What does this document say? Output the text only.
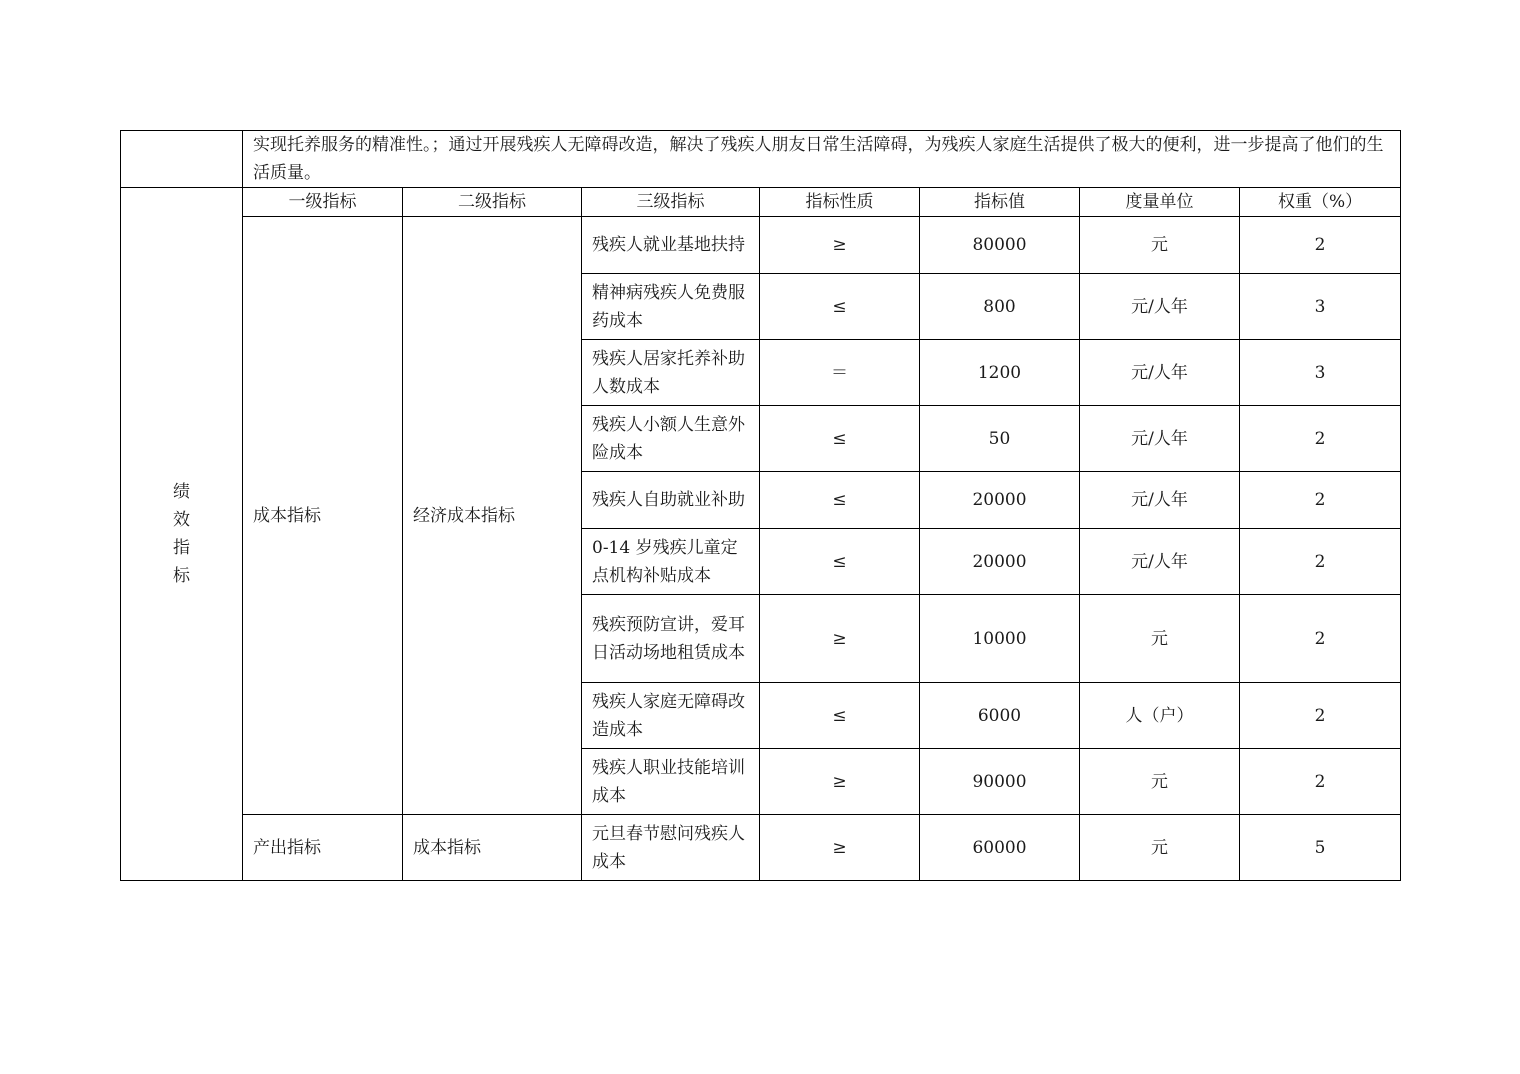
	实现托养服务的精准性。；通过开展残疾人无障碍改造，解决了残疾人朋友日常生活障碍，为残疾人家庭生活提供了极大的便利，进一步提高了他们的生活质量。						

绩
效
指
标	一级指标	二级指标	三级指标	指标性质	指标值	度量单位	权重（%）
	成本指标	经济成本指标	残疾人就业基地扶持	≥	80000	元	2
			精神病残疾人免费服药成本	≤	800	元/人年	3
			残疾人居家托养补助人数成本	＝	1200	元/人年	3
			残疾人小额人生意外险成本	≤	50	元/人年	2
			残疾人自助就业补助	≤	20000	元/人年	2
			0-14 岁残疾儿童定点机构补贴成本	≤	20000	元/人年	2
			残疾预防宣讲，爱耳日活动场地租赁成本	≥	10000	元	2
			残疾人家庭无障碍改造成本	≤	6000	人（户）	2
			残疾人职业技能培训成本	≥	90000	元	2
	产出指标	成本指标	元旦春节慰问残疾人成本	≥	60000	元	5
